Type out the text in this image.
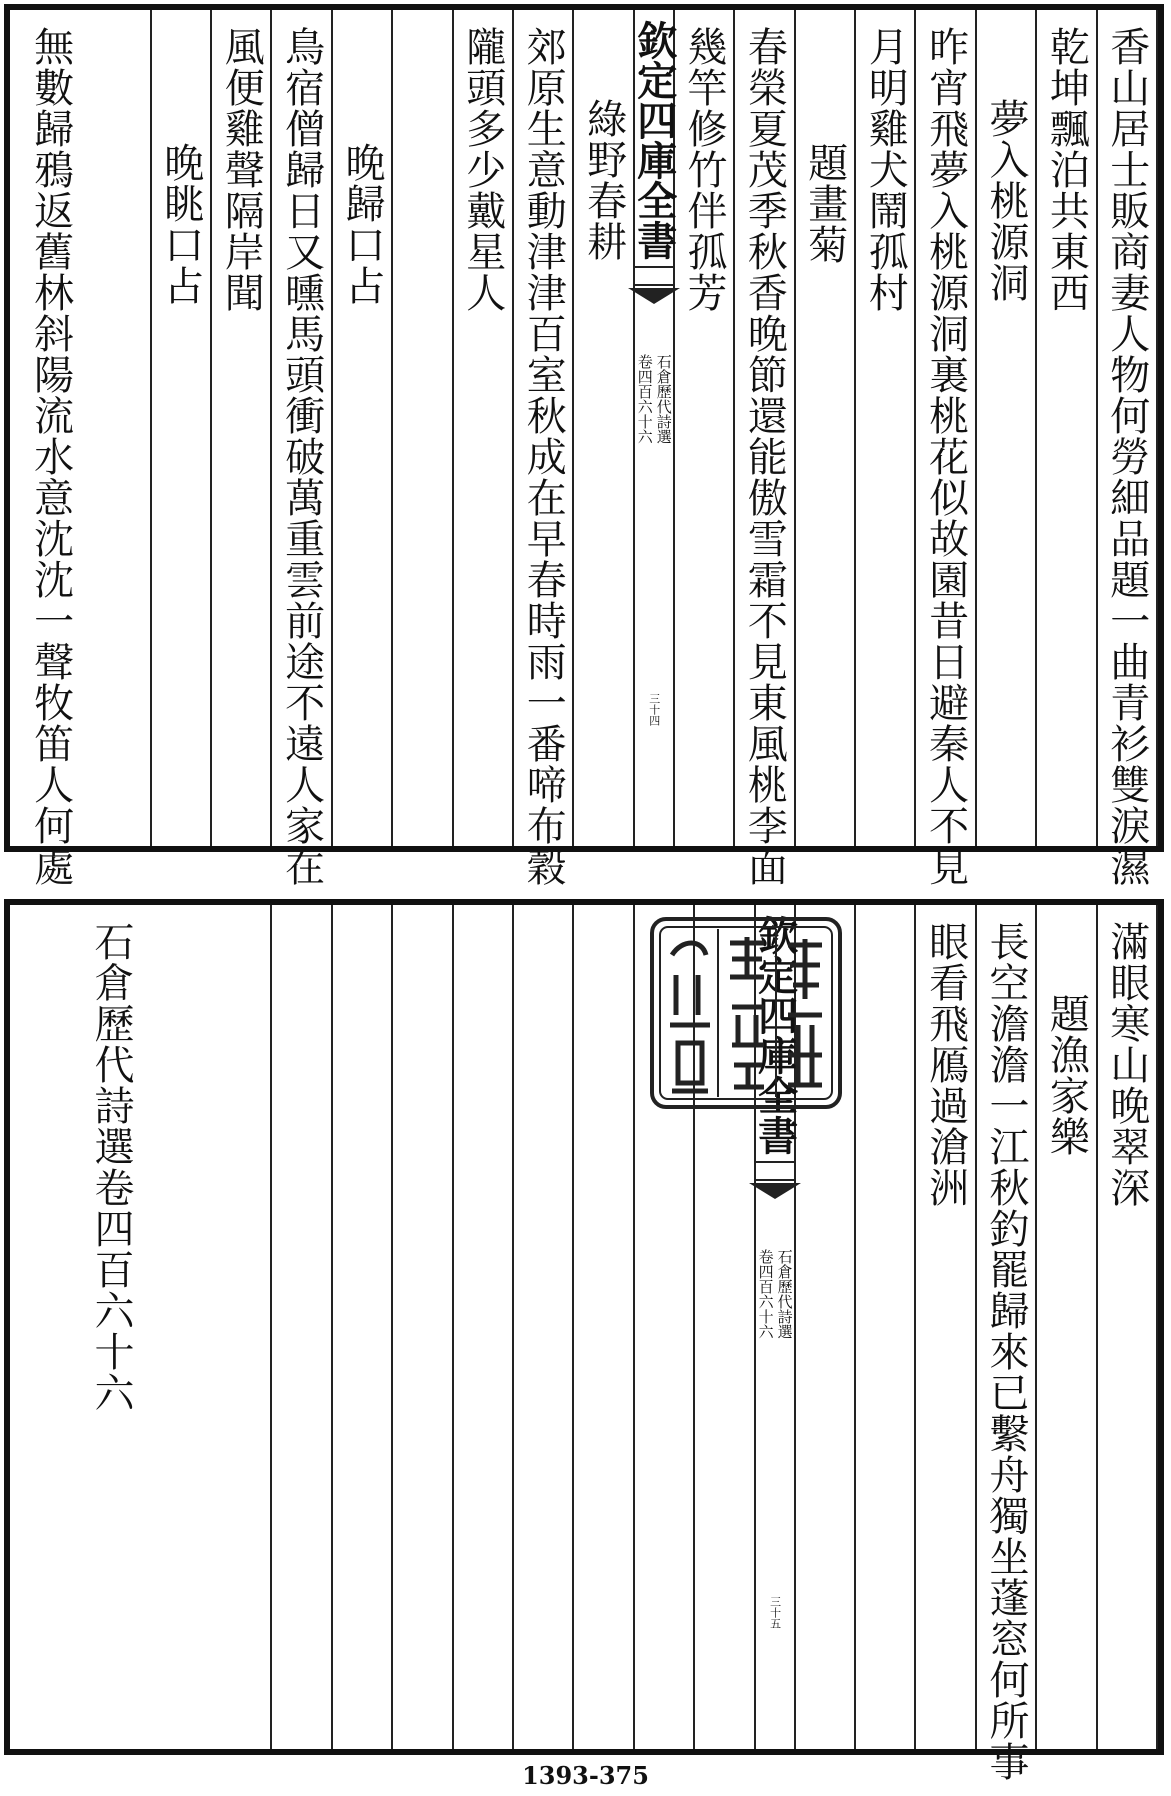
香山居士販商妻人物何勞細品題一曲青衫雙淚濕
乾坤飄泊共東西
夢入桃源洞
昨宵飛夢入桃源洞裏桃花似故園昔日避秦人不見
月明雞犬鬧孤村
題畫菊
春榮夏茂季秋香晚節還能傲雪霜不見東風桃李面
幾竿修竹伴孤芳
欽定四庫全書
石倉歷代詩選
卷四百六十六
三十四
綠野春耕
郊原生意動津津百室秋成在早春時雨一番啼布穀
隴頭多少戴星人
晚歸口占
鳥宿僧歸日又曛馬頭衝破萬重雲前途不遠人家在
風便雞聲隔岸聞
晚眺口占
無數歸鴉返舊林斜陽流水意沈沈一聲牧笛人何處
滿眼寒山晚翠深
題漁家樂
長空澹澹一江秋釣罷歸來已繫舟獨坐蓬窓何所事
眼看飛鴈過滄洲
欽定四庫全書
石倉歷代詩選
卷四百六十六
三十五
石倉歷代詩選卷四百六十六
1393-375
